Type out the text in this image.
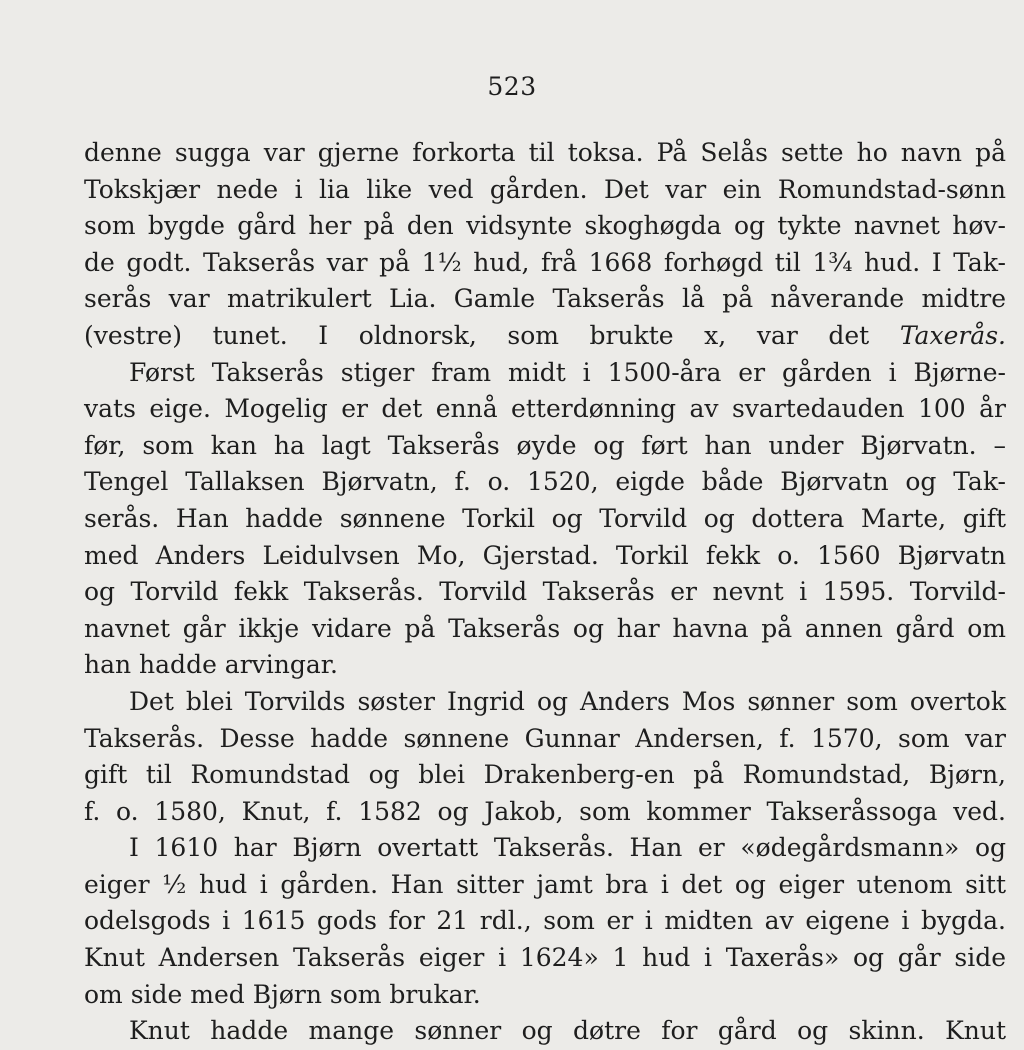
523
denne sugga var gjerne forkorta til toksa. På Selås sette ho navn på
Tokskjær nede i lia like ved gården. Det var ein Romundstad-sønn
som bygde gård her på den vidsynte skoghøgda og tykte navnet høv-
de godt. Takserås var på 1½ hud, frå 1668 forhøgd til 1¾ hud. I Tak-
serås var matrikulert Lia. Gamle Takserås lå på nåverande midtre
(vestre) tunet. I oldnorsk, som brukte x, var det Taxerås.
Først Takserås stiger fram midt i 1500-åra er gården i Bjørne-
vats eige. Mogelig er det ennå etterdønning av svartedauden 100 år
før, som kan ha lagt Takserås øyde og ført han under Bjørvatn. –
Tengel Tallaksen Bjørvatn, f. o. 1520, eigde både Bjørvatn og Tak-
serås. Han hadde sønnene Torkil og Torvild og dottera Marte, gift
med Anders Leidulvsen Mo, Gjerstad. Torkil fekk o. 1560 Bjørvatn
og Torvild fekk Takserås. Torvild Takserås er nevnt i 1595. Torvild-
navnet går ikkje vidare på Takserås og har havna på annen gård om
han hadde arvingar.
Det blei Torvilds søster Ingrid og Anders Mos sønner som overtok
Takserås. Desse hadde sønnene Gunnar Andersen, f. 1570, som var
gift til Romundstad og blei Drakenberg-en på Romundstad, Bjørn,
f. o. 1580, Knut, f. 1582 og Jakob, som kommer Takseråssoga ved.
I 1610 har Bjørn overtatt Takserås. Han er «ødegårdsmann» og
eiger ½ hud i gården. Han sitter jamt bra i det og eiger utenom sitt
odelsgods i 1615 gods for 21 rdl., som er i midten av eigene i bygda.
Knut Andersen Takserås eiger i 1624» 1 hud i Taxerås» og går side
om side med Bjørn som brukar.
Knut hadde mange sønner og døtre for gård og skinn. Knut
